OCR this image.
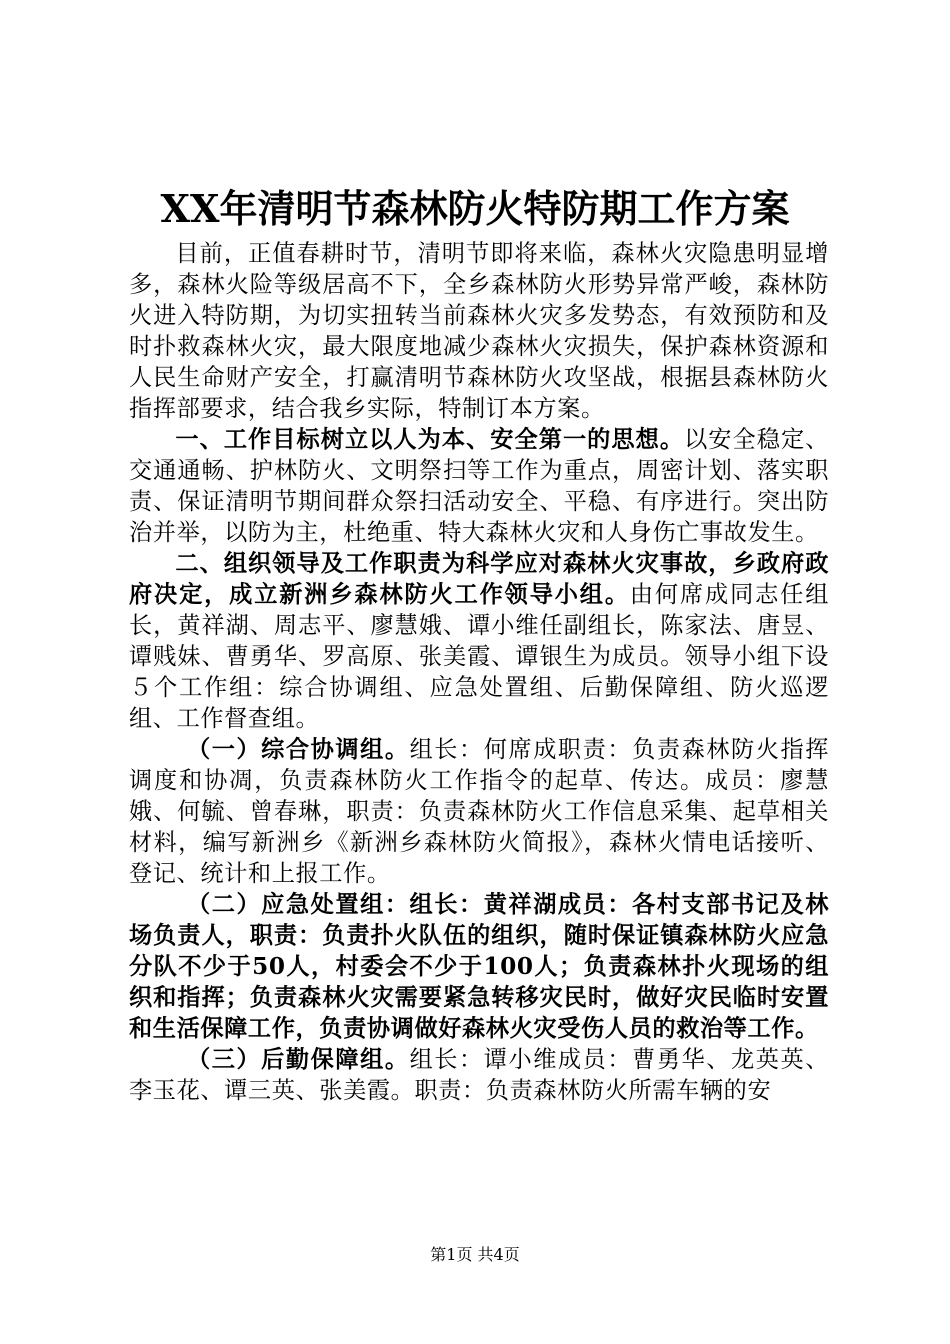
XX年清明节森林防火特防期工作方案

目前，正值春耕时节，清明节即将来临，森林火灾隐患明显增多，森林火险等级居高不下，全乡森林防火形势异常严峻，森林防火进入特防期，为切实扭转当前森林火灾多发势态，有效预防和及时扑救森林火灾，最大限度地减少森林火灾损失，保护森林资源和人民生命财产安全，打赢清明节森林防火攻坚战，根据县森林防火指挥部要求，结合我乡实际，特制订本方案。

一、工作目标树立以人为本、安全第一的思想。以安全稳定、交通通畅、护林防火、文明祭扫等工作为重点，周密计划、落实职责、保证清明节期间群众祭扫活动安全、平稳、有序进行。突出防治并举，以防为主，杜绝重、特大森林火灾和人身伤亡事故发生。

二、组织领导及工作职责为科学应对森林火灾事故，乡政府政府决定，成立新洲乡森林防火工作领导小组。由何席成同志任组长，黄祥湖、周志平、廖慧娥、谭小维任副组长，陈家法、唐昱、谭贱妹、曹勇华、罗高原、张美霞、谭银生为成员。领导小组下设５个工作组：综合协调组、应急处置组、后勤保障组、防火巡逻组、工作督查组。

（一）综合协调组。组长：何席成职责：负责森林防火指挥调度和协凋，负责森林防火工作指令的起草、传达。成员：廖慧娥、何毓、曾春琳，职责：负责森林防火工作信息采集、起草相关材料，编写新洲乡《新洲乡森林防火简报》，森林火情电话接听、登记、统计和上报工作。

（二）应急处置组：组长：黄祥湖成员：各村支部书记及林场负责人，职责：负责扑火队伍的组织，随时保证镇森林防火应急分队不少于50人，村委会不少于100人；负责森林扑火现场的组织和指挥；负责森林火灾需要紧急转移灾民时，做好灾民临时安置和生活保障工作，负责协调做好森林火灾受伤人员的救治等工作。

（三）后勤保障组。组长：谭小维成员：曹勇华、龙英英、李玉花、谭三英、张美霞。职责：负责森林防火所需车辆的安

第1页 共4页
